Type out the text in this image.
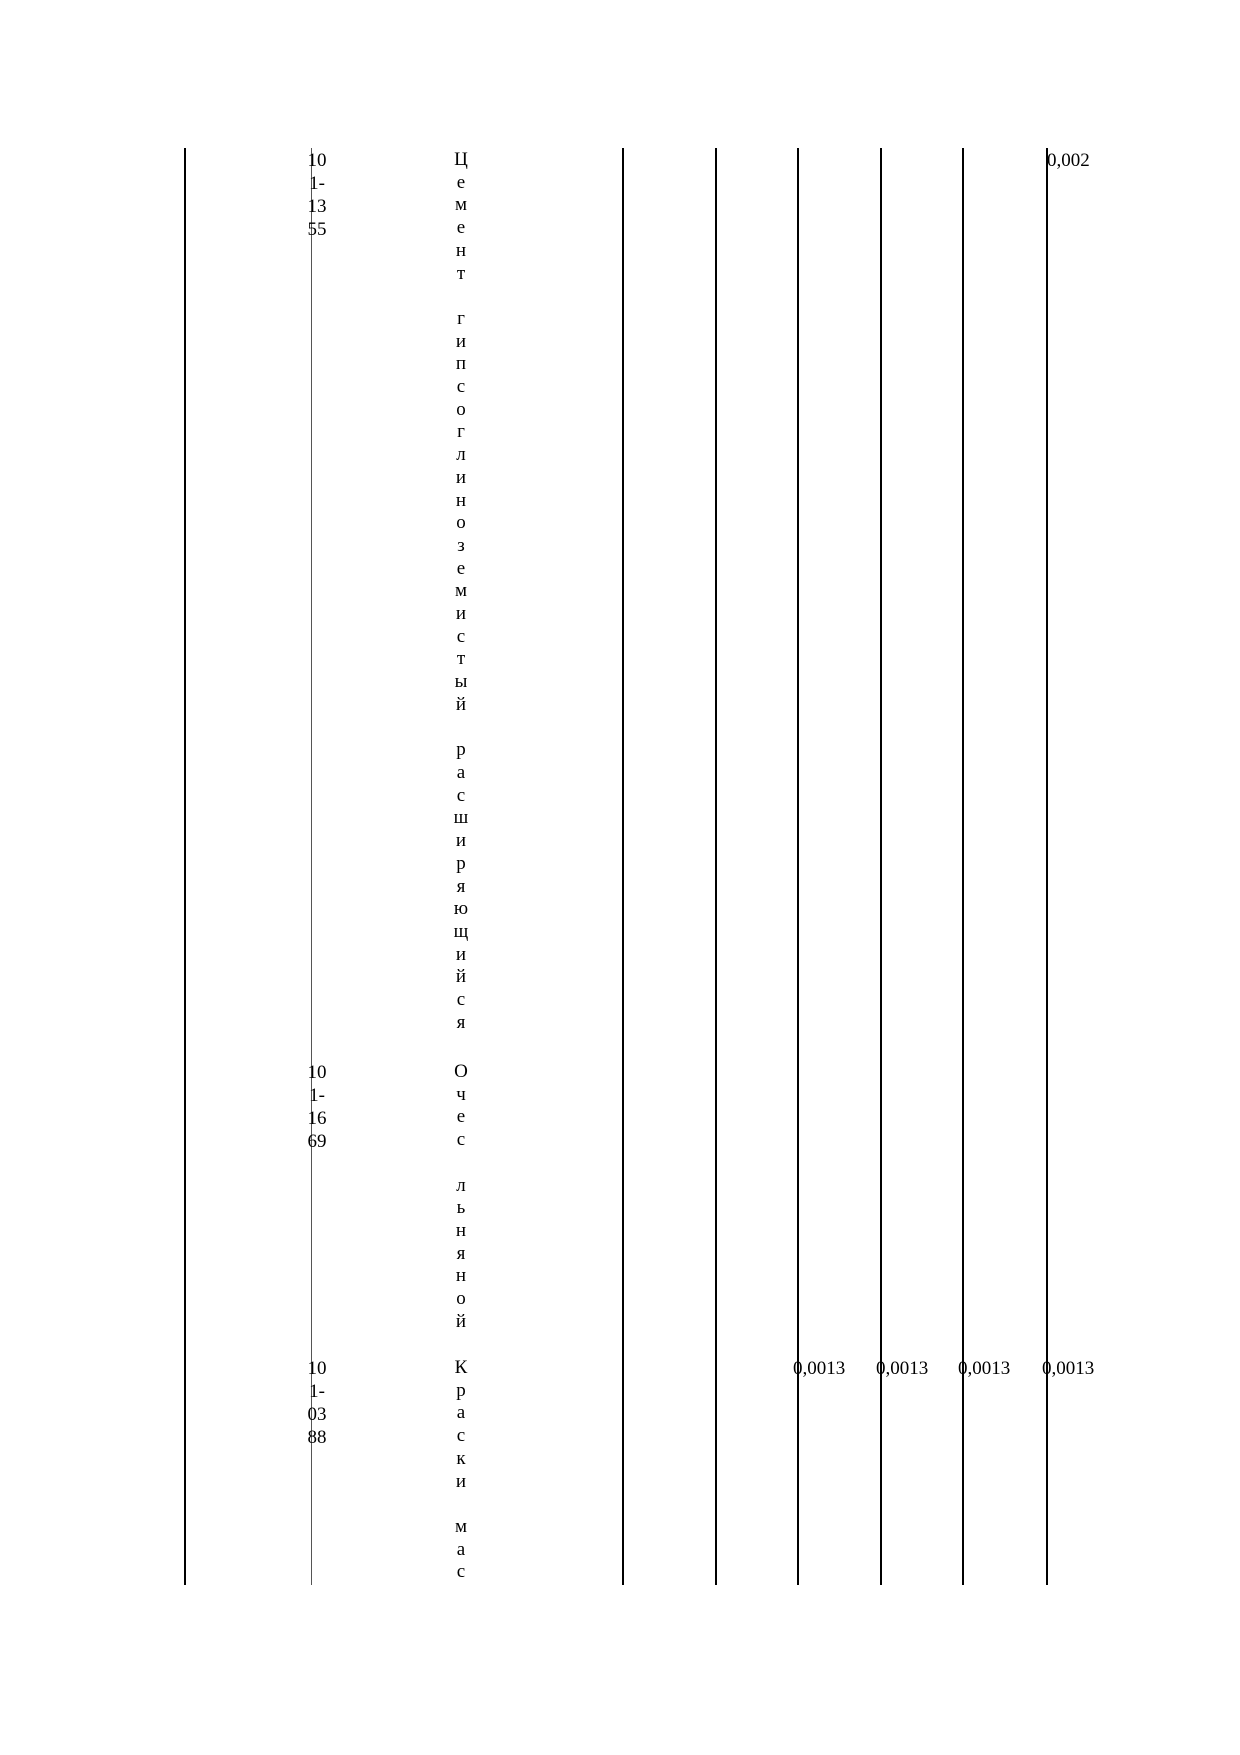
10
1-
13
55
Ц
е
м
е
н
т

г
и
п
с
о
г
л
и
н
о
з
е
м
и
с
т
ы
й

р
а
с
ш
и
р
я
ю
щ
и
й
с
я
0,002
10
1-
16
69
О
ч
е
с

л
ь
н
я
н
о
й
10
1-
03
88
К
р
а
с
к
и

м
а
с
0,0013 0,0013 0,0013 0,0013
